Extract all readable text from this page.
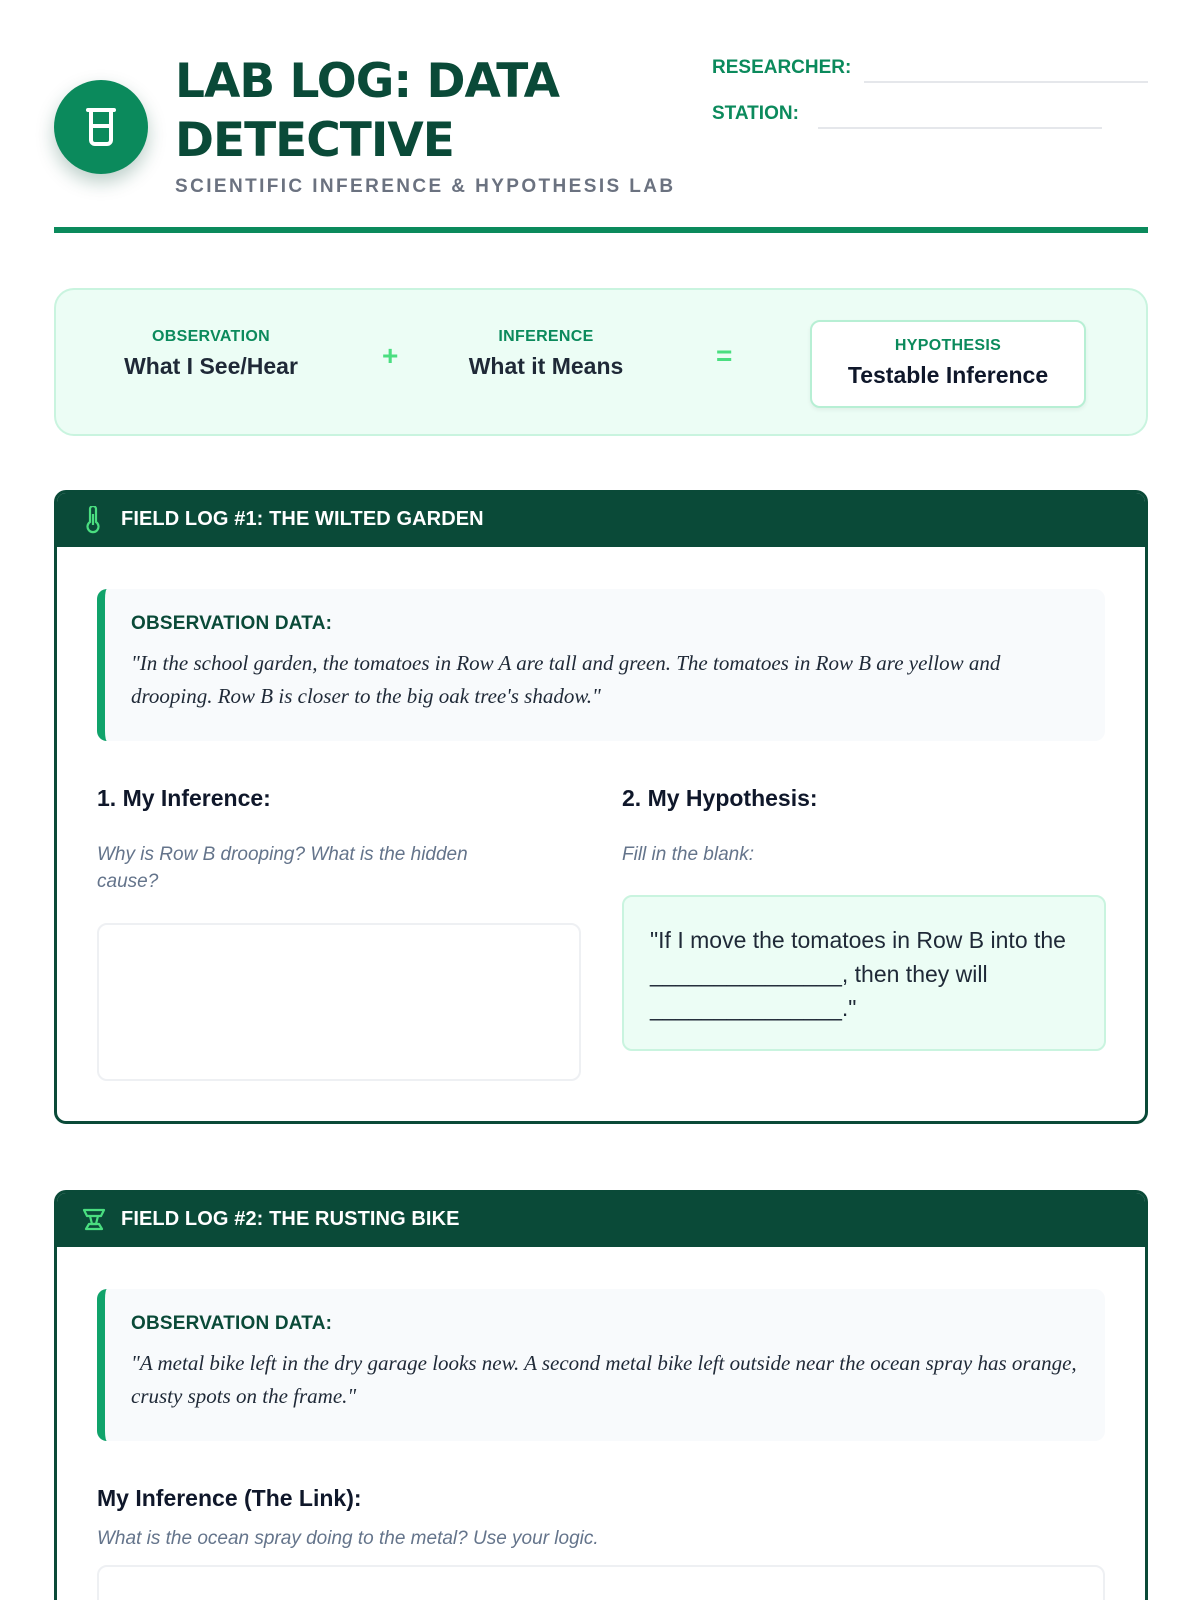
LAB LOG: DATA DETECTIVE
SCIENTIFIC INFERENCE & HYPOTHESIS LAB
RESEARCHER:
STATION:
OBSERVATION
What I See/Hear	+
INFERENCE
What it Means	=	HYPOTHESIS
Testable Inference
FIELD LOG #1: THE WILTED GARDEN
OBSERVATION DATA:
"In the school garden, the tomatoes in Row A are tall and green. The tomatoes in Row B are yellow and drooping. Row B is closer to the big oak tree's shadow."
1. My Inference:
Why is Row B drooping? What is the hidden cause?
2. My Hypothesis:
Fill in the blank:
"If I move the tomatoes in Row B into the _______________, then they will _______________."
FIELD LOG #2: THE RUSTING BIKE
OBSERVATION DATA:
"A metal bike left in the dry garage looks new. A second metal bike left outside near the ocean spray has orange, crusty spots on the frame."
My Inference (The Link):
What is the ocean spray doing to the metal? Use your logic.
